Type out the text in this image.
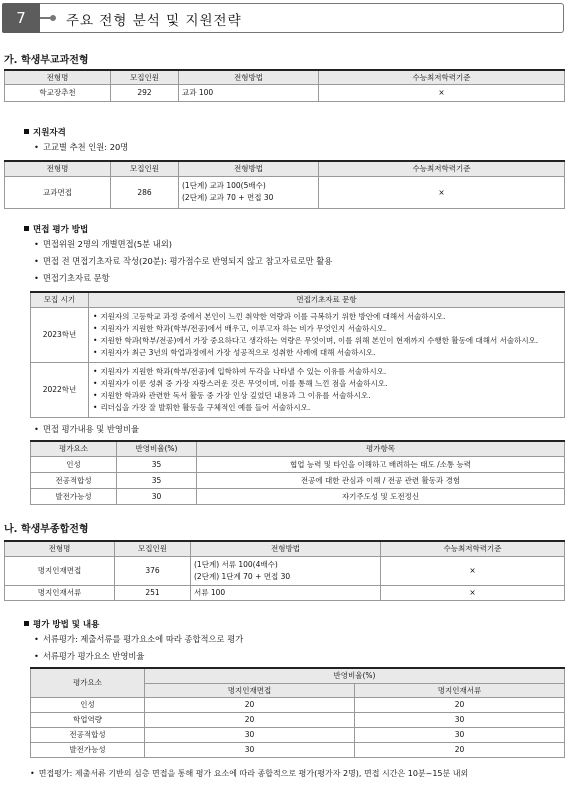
7	주요 전형 분석 및 지원전략
가. 학생부교과전형
전형명	모집인원	전형방법	수능최저학력기준
학교장추천	292	교과 100	×
지원자격
• 고교별 추천 인원: 20명
전형명	모집인원	전형방법	수능최저학력기준
교과면접	286	(1단계) 교과 100(5배수)
(2단계) 교과 70 + 면접 30	×
면접 평가 방법
• 면접위원 2명의 개별면접(5분 내외)
• 면접 전 면접기초자료 작성(20분): 평가점수로 반영되지 않고 참고자료로만 활용
• 면접기초자료 문항
모집 시기	면접기초자료 문항
2023학년	• 지원자의 고등학교 과정 중에서 본인이 느낀 취약한 역량과 이를 극복하기 위한 방안에 대해서 서술하시오.
• 지원자가 지원한 학과(학부/전공)에서 배우고, 이루고자 하는 비가 무엇인지 서술하시오.
• 지원한 학과(학부/전공)에서 가장 중요하다고 생각하는 역량은 무엇이며, 이를 위해 본인이 현재까지 수행한 활동에 대해서 서술하시오.
• 지원자가 최근 3년의 학업과정에서 가장 성공적으로 성취한 사례에 대해 서술하시오.

2022학년	• 지원자가 지원한 학과(학부/전공)에 입학하여 두각을 나타낼 수 있는 이유를 서술하시오.
• 지원자가 이룬 성취 중 가장 자랑스러운 것은 무엇이며, 이를 통해 느낀 점을 서술하시오.
• 지원한 학과와 관련한 독서 활동 중 가장 인상 깊었던 내용과 그 이유를 서술하시오.
• 리더십을 가장 잘 발휘한 활동을 구체적인 예를 들어 서술하시오.
• 면접 평가내용 및 반영비율
평가요소	반영비율(%)	평가항목
인성	35	협업 능력 및 타인을 이해하고 배려하는 태도 /소통 능력
전공적합성	35	전공에 대한 관심과 이해 / 전공 관련 활동과 경험
발전가능성	30	자기주도성 및 도전정신
나. 학생부종합전형
전형명	모집인원	전형방법	수능최저학력기준
명지인재면접	376	(1단계) 서류 100(4배수)
(2단계) 1단계 70 + 면접 30	×
명지인재서류	251	서류 100	×
평가 방법 및 내용
• 서류평가: 제출서류를 평가요소에 따라 종합적으로 평가
• 서류평가 평가요소 반영비율
평가요소	반영비율(%)	
	명지인재면접	명지인재서류
인성	20	20
학업역량	20	30
전공적합성	30	30
발전가능성	30	20
• 면접평가: 제출서류 기반의 심층 면접을 통해 평가 요소에 따라 종합적으로 평가(평가자 2명), 면접 시간은 10분~15분 내외
